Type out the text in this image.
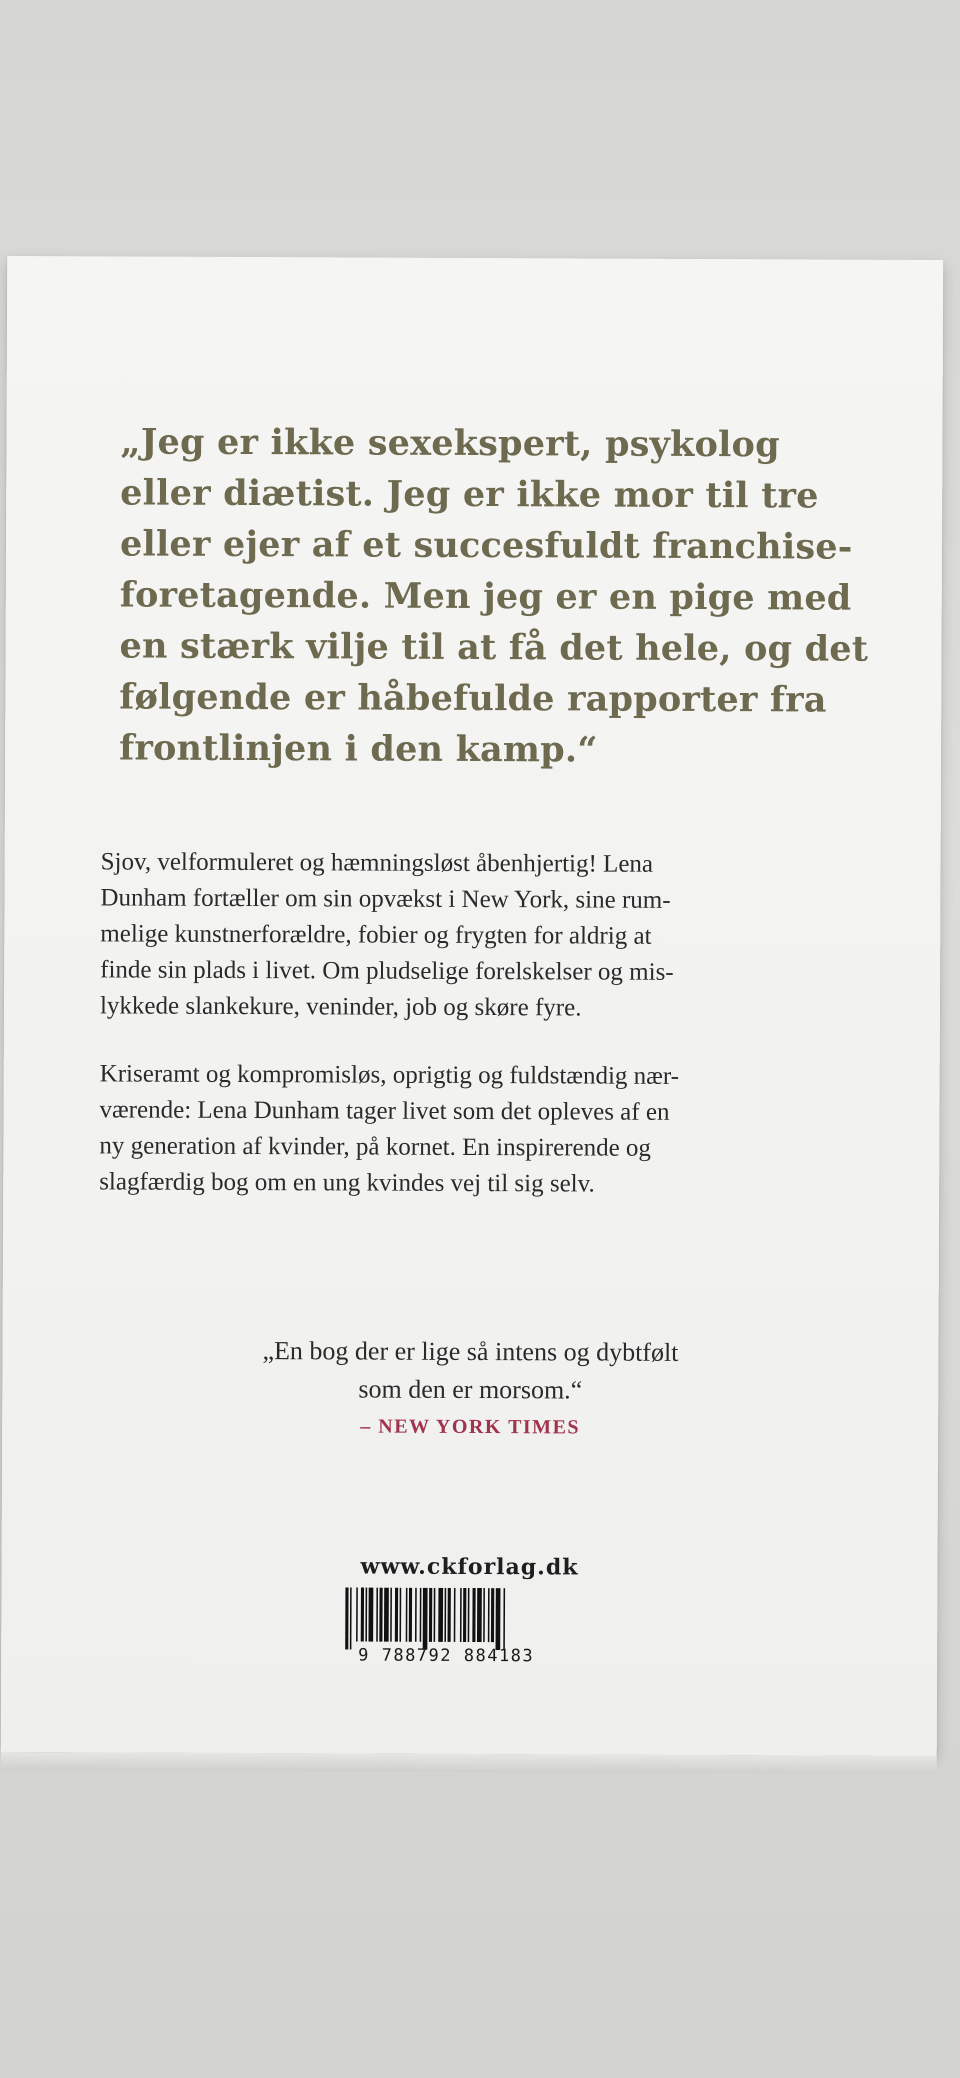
„Jeg er ikke sexekspert, psykolog
eller diætist. Jeg er ikke mor til tre
eller ejer af et succesfuldt franchise-
foretagende. Men jeg er en pige med
en stærk vilje til at få det hele, og det
følgende er håbefulde rapporter fra
frontlinjen i den kamp.“
Sjov, velformuleret og hæmningsløst åbenhjertig! Lena
Dunham fortæller om sin opvækst i New York, sine rum-
melige kunstnerforældre, fobier og frygten for aldrig at
finde sin plads i livet. Om pludselige forelskelser og mis-
lykkede slankekure, veninder, job og skøre fyre.
Kriseramt og kompromisløs, oprigtig og fuldstændig nær-
værende: Lena Dunham tager livet som det opleves af en
ny generation af kvinder, på kornet. En inspirerende og
slagfærdig bog om en ung kvindes vej til sig selv.
„En bog der er lige så intens og dybtfølt
som den er morsom.“
– NEW YORK TIMES
www.ckforlag.dk
9 788792 884183
